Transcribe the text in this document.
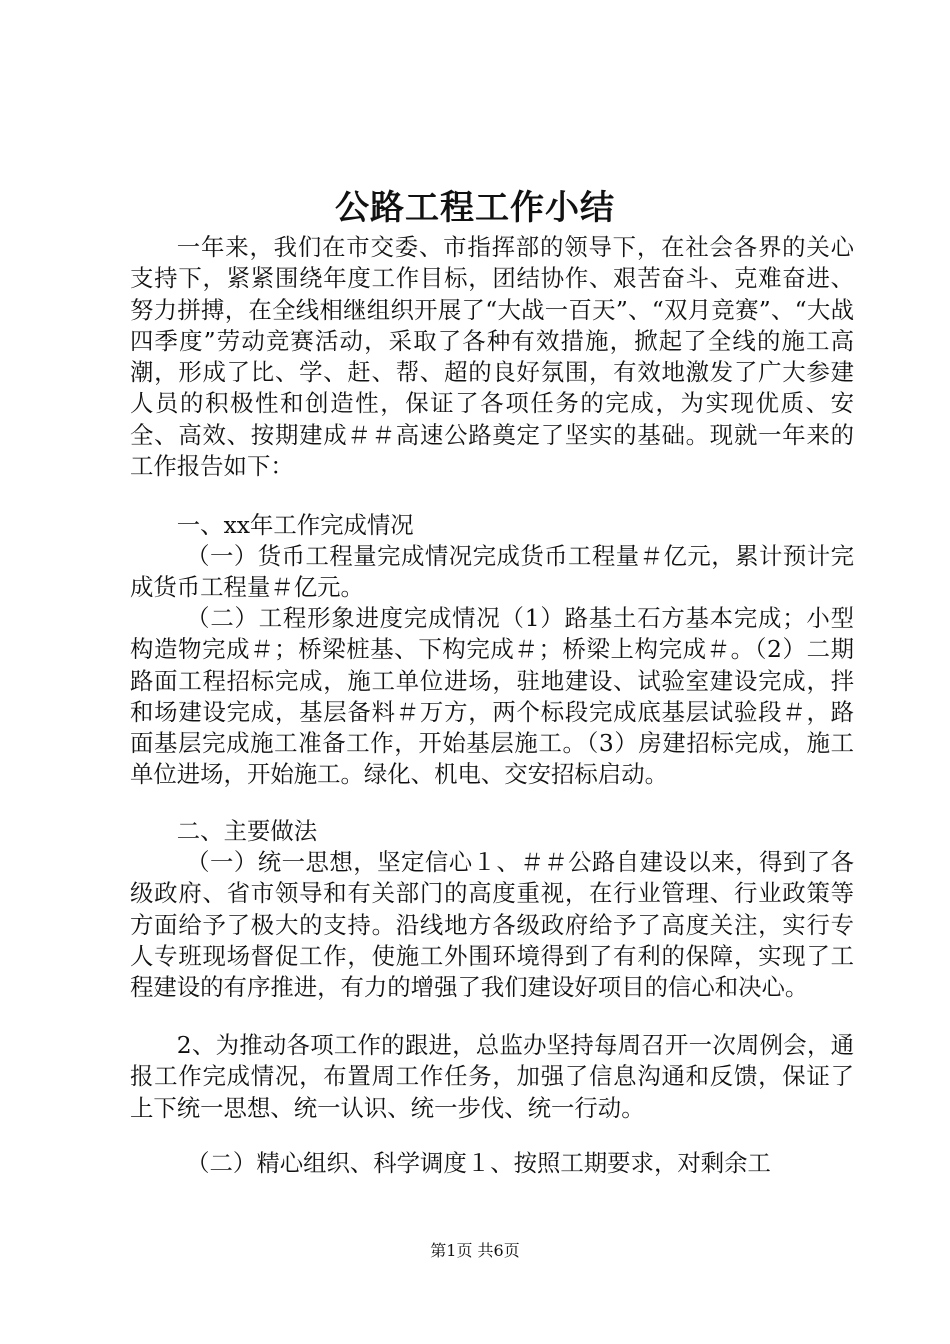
公路工程工作小结

一年来，我们在市交委、市指挥部的领导下，在社会各界的关心支持下，紧紧围绕年度工作目标，团结协作、艰苦奋斗、克难奋进、努力拼搏，在全线相继组织开展了“大战一百天”、“双月竞赛”、“大战四季度”劳动竞赛活动，采取了各种有效措施，掀起了全线的施工高潮，形成了比、学、赶、帮、超的良好氛围，有效地激发了广大参建人员的积极性和创造性，保证了各项任务的完成，为实现优质、安全、高效、按期建成＃＃高速公路奠定了坚实的基础。现就一年来的工作报告如下：

一、xx年工作完成情况

（一）货币工程量完成情况完成货币工程量＃亿元，累计预计完成货币工程量＃亿元。

（二）工程形象进度完成情况（1）路基土石方基本完成；小型构造物完成＃；桥梁桩基、下构完成＃；桥梁上构完成＃。（2）二期路面工程招标完成，施工单位进场，驻地建设、试验室建设完成，拌和场建设完成，基层备料＃万方，两个标段完成底基层试验段＃，路面基层完成施工准备工作，开始基层施工。（3）房建招标完成，施工单位进场，开始施工。绿化、机电、交安招标启动。

二、主要做法

（一）统一思想，坚定信心１、＃＃公路自建设以来，得到了各级政府、省市领导和有关部门的高度重视，在行业管理、行业政策等方面给予了极大的支持。沿线地方各级政府给予了高度关注，实行专人专班现场督促工作，使施工外围环境得到了有利的保障，实现了工程建设的有序推进，有力的增强了我们建设好项目的信心和决心。

2、为推动各项工作的跟进，总监办坚持每周召开一次周例会，通报工作完成情况，布置周工作任务，加强了信息沟通和反馈，保证了上下统一思想、统一认识、统一步伐、统一行动。

（二）精心组织、科学调度１、按照工期要求，对剩余工

第1页 共6页
